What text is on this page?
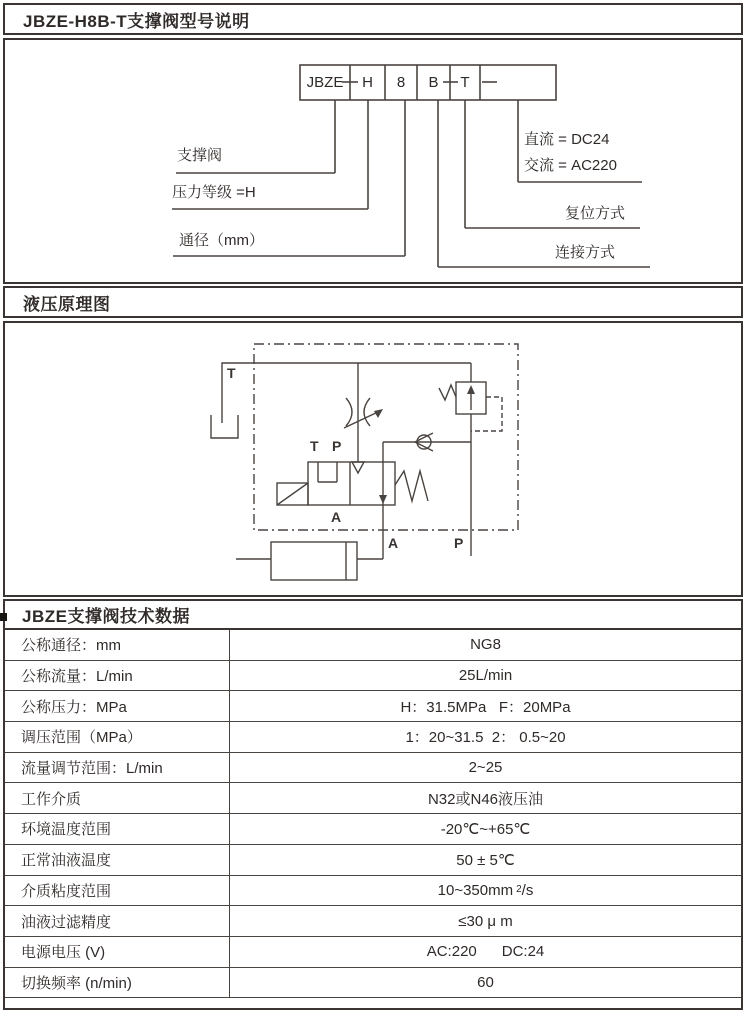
JBZE-H8B-T支撑阀型号说明
JBZE	H	8	B	T
支撑阀
压力等级 =H
通径（mm）
直流 = DC24
交流 = AC220
复位方式
连接方式
液压原理图
T
T P
A
A	P
JBZE支撑阀技术数据
公称通径：mm	NG8
公称流量：L/min	25L/min
公称压力：MPa	H：31.5MPa   F：20MPa
调压范围（MPa）	1：20~31.5  2： 0.5~20
流量调节范围：L/min	2~25
工作介质	N32或N46液压油
环境温度范围	-20℃~+65℃
正常油液温度	50 ± 5℃
介质粘度范围	10~350mm 2 /s
油液过滤精度	≤30 μ m
电源电压 (V)	AC:220      DC:24
切换频率 (n/min)	60
